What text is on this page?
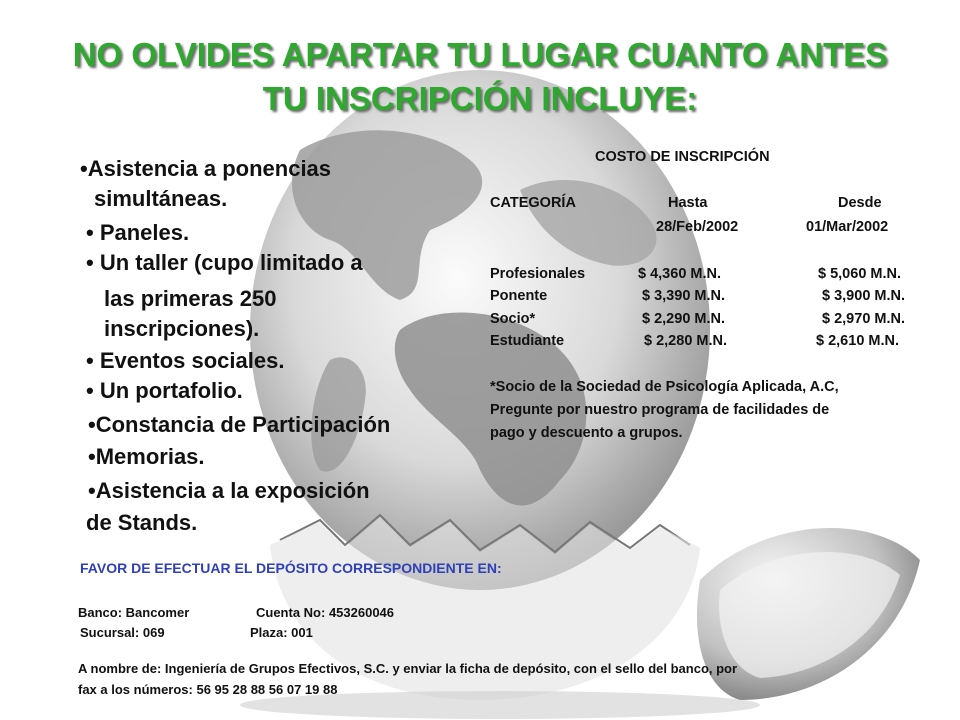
NO OLVIDES APARTAR TU LUGAR CUANTO ANTES
TU INSCRIPCIÓN INCLUYE:
•Asistencia a ponencias
simultáneas.
• Paneles.
• Un taller (cupo limitado a
las primeras 250
inscripciones).
• Eventos sociales.
• Un portafolio.
•Constancia de Participación
•Memorias.
•Asistencia a la exposición
de Stands.
COSTO DE INSCRIPCIÓN
CATEGORÍA	Hasta	Desde
28/Feb/2002	01/Mar/2002
Profesionales	$ 4,360 M.N.	$ 5,060 M.N.
Ponente	$ 3,390 M.N.	$ 3,900 M.N.
Socio*	$ 2,290 M.N.	$ 2,970 M.N.
Estudiante	$ 2,280 M.N.	$ 2,610 M.N.
*Socio de la Sociedad de Psicología Aplicada, A.C,
Pregunte por nuestro programa de facilidades de
pago y descuento a grupos.
FAVOR DE EFECTUAR EL DEPÓSITO CORRESPONDIENTE EN:
Banco: Bancomer	Cuenta No: 453260046
Sucursal: 069	Plaza: 001
A nombre de: Ingeniería de Grupos Efectivos, S.C. y enviar la ficha de depósito, con el sello del banco, por
fax a los números: 56 95 28 88 56 07 19 88
